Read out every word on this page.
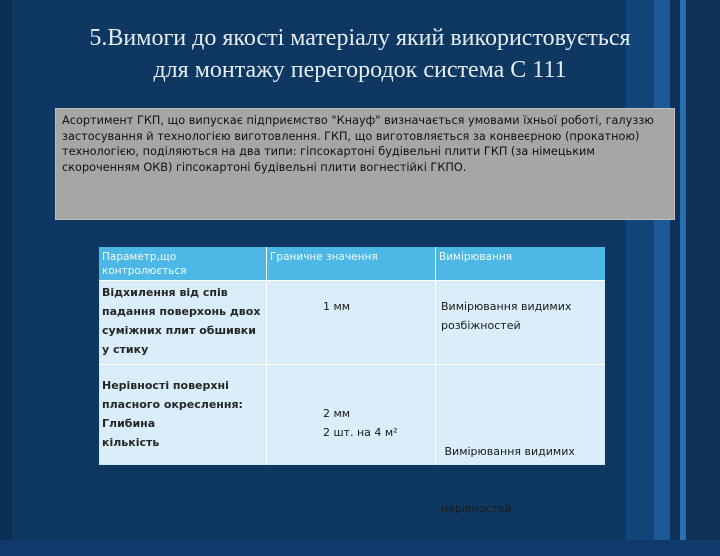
5.Вимоги до якості матеріалу який використовується
для монтажу перегородок система С 111
Асортимент ГКП, що випускає підприємство "Кнауф" визначається умовами їхньої роботі, галуззю застосування й технологією виготовлення. ГКП, що виготовляється за конвеєрною (прокатною) технологією, поділяються на два типи: гіпсокартоні будівельні плити ГКП (за німецьким скороченням ОКВ) гіпсокартоні будівельні плити вогнестійкі ГКПО.
Параметр,що
контролюється
Граничне значення	Вимірювання
Відхилення від спів
падання поверхонь двох
суміжних плит обшивки
у стику
1 мм	Вимірювання видимих
розбіжностей
Нерівності поверхні
пласного окреслення:
Глибина
кількість
2 мм
2 шт. на 4 м²

Вимірювання видимих

нерівностей
